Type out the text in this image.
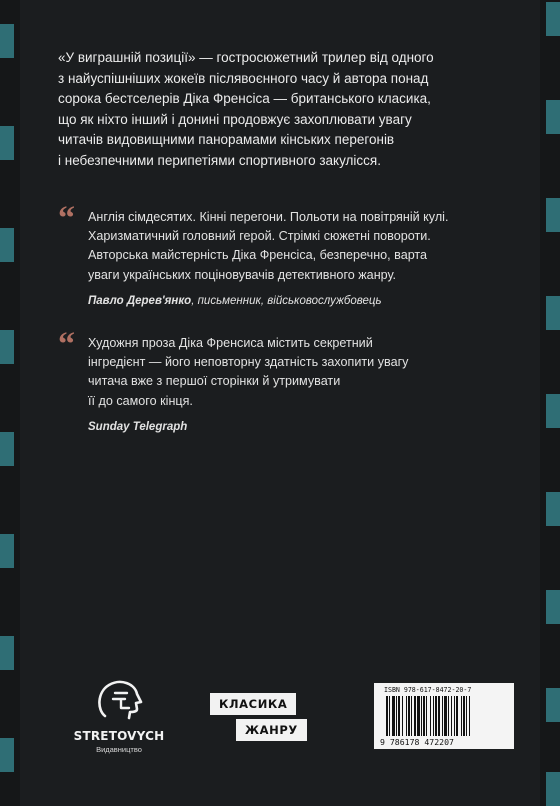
«У виграшній позиції» — гостросюжетний трилер від одного
з найуспішніших жокеїв післявоєнного часу й автора понад
сорока бестселерів Діка Френсіса — британського класика,
що як ніхто інший і донині продовжує захоплювати увагу
читачів видовищними панорамами кінських перегонів
і небезпечними перипетіями спортивного закулісся.

“ Англія сімдесятих. Кінні перегони. Польоти на повітряній кулі.
Харизматичний головний герой. Стрімкі сюжетні повороти.
Авторська майстерність Діка Френсіса, безперечно, варта
уваги українських поціновувачів детективного жанру.
Павло Дерев'янко, письменник, військовослужбовець
“ Художня проза Діка Френсиса містить секретний
інгредієнт — його неповторну здатність захопити увагу
читача вже з першої сторінки й утримувати
її до самого кінця.
Sunday Telegraph
STRETOVYCH
Видавництво
КЛАСИКА
ЖАНРУ
ISBN 978-617-8472-20-7
9 786178 472207
